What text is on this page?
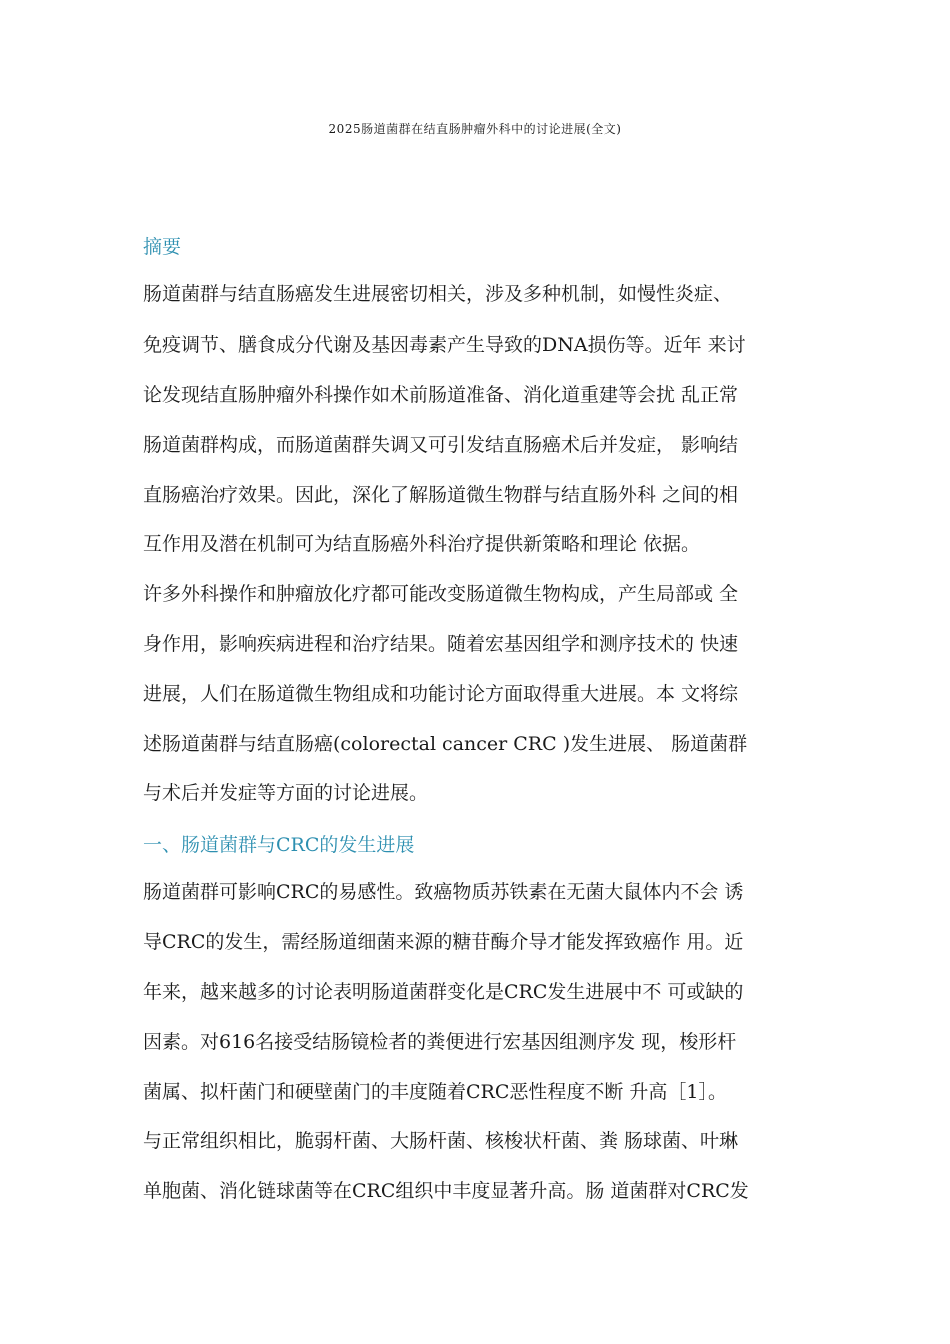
2025肠道菌群在结直肠肿瘤外科中的讨论进展(全文)
摘要

肠道菌群与结直肠癌发生进展密切相关，涉及多种机制，如慢性炎症、

免疫调节、膳食成分代谢及基因毒素产生导致的DNA损伤等。近年 来讨

论发现结直肠肿瘤外科操作如术前肠道准备、消化道重建等会扰 乱正常

肠道菌群构成，而肠道菌群失调又可引发结直肠癌术后并发症， 影响结

直肠癌治疗效果。因此，深化了解肠道微生物群与结直肠外科 之间的相

互作用及潜在机制可为结直肠癌外科治疗提供新策略和理论 依据。

许多外科操作和肿瘤放化疗都可能改变肠道微生物构成，产生局部或 全

身作用，影响疾病进程和治疗结果。随着宏基因组学和测序技术的 快速

进展，人们在肠道微生物组成和功能讨论方面取得重大进展。本 文将综

述肠道菌群与结直肠癌(colorectal cancer CRC )发生进展、 肠道菌群

与术后并发症等方面的讨论进展。

一、肠道菌群与CRC的发生进展

肠道菌群可影响CRC的易感性。致癌物质苏铁素在无菌大鼠体内不会 诱

导CRC的发生，需经肠道细菌来源的糖苷酶介导才能发挥致癌作 用。近

年来，越来越多的讨论表明肠道菌群变化是CRC发生进展中不 可或缺的

因素。对616名接受结肠镜检者的粪便进行宏基因组测序发 现，梭形杆

菌属、拟杆菌门和硬壁菌门的丰度随着CRC恶性程度不断 升高［1］。

与正常组织相比，脆弱杆菌、大肠杆菌、核梭状杆菌、粪 肠球菌、叶琳

单胞菌、消化链球菌等在CRC组织中丰度显著升高。肠 道菌群对CRC发
